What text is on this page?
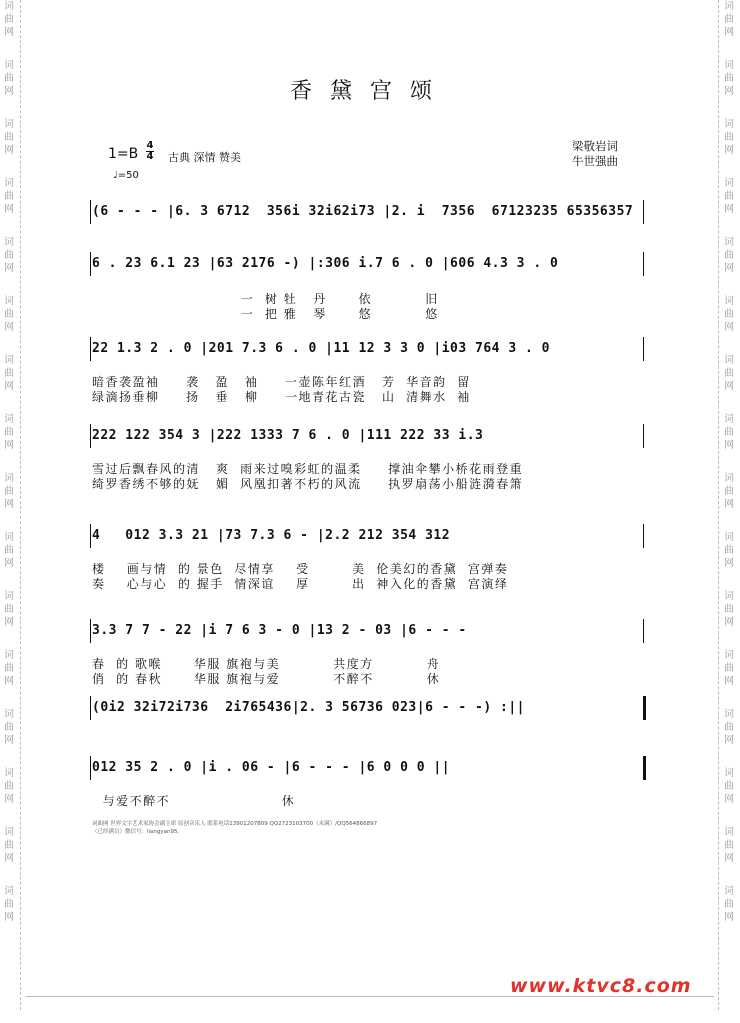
词
曲
网
词
曲
网
词
曲
网
词
曲
网
词
曲
网
词
曲
网
词
曲
网
词
曲
网
词
曲
网
词
曲
网
词
曲
网
词
曲
网
词
曲
网
词
曲
网
词
曲
网
词
曲
网
词
曲
网
词
曲
网
词
曲
网
词
曲
网
词
曲
网
词
曲
网
词
曲
网
词
曲
网
词
曲
网
词
曲
网
词
曲
网
词
曲
网
词
曲
网
词
曲
网
词
曲
网
词
曲
网
香黛宫颂
1=B
4
4 古典 深情 赞美
♩=50
梁敬岩词
牛世强曲
(6 - - - |6. 3 6712  356i 32i62i73 |2. i  7356  67123235 65356357
6 . 23 6.1 23 |63 2176 -) |:306 i.7 6 . 0 |606 4.3 3 . 0
一  树 牡   丹      依          旧
一  把 雅   琴      悠          悠
22 1.3 2 . 0 |201 7.3 6 . 0 |11 12 3 3 0 |i03 764 3 . 0
暗香袭盈袖     袭   盈   袖     一壶陈年红酒   芳  华音韵  留
绿滴扬垂柳     扬   垂   柳     一地青花古瓷   山  清舞水  袖
222 122 354 3 |222 1333 7 6 . 0 |111 222 33 i.3
雪过后飘春风的清   爽  雨来过嗅彩虹的温柔     撑油伞攀小桥花雨登重
绮罗香绣不够的妩   媚  风凰扣著不朽的风流     执罗扇荡小船涟漪春箫
4   012 3.3 21 |73 7.3 6 - |2.2 212 354 312
楼    画与情  的 景色  尽情享    受        美  伦美幻的香黛  宫弹奏
奏    心与心  的 握手  情深谊    厚        出  神入化的香黛  宫演绎
3.3 7 7 - 22 |i 7 6 3 - 0 |13 2 - 03 |6 - - -
春  的 歌喉      华服 旗袍与美          共度方          舟
俏  的 春秋      华服 旗袍与爱          不醉不          休
(0i2 32i72i736  2i765436|2. 3 56736 023|6 - - -) :||
012 35 2 . 0 |i . 06 - |6 - - - |6 0 0 0 ||
与爱不醉不                     休
词曲网 世界文字艺术家协会副主席 原创音乐人 联系电话13901207809 QQ2723103700（未满）/QQ564866897（已经满员）微信号：liangyan95。
www.ktvc8.com
